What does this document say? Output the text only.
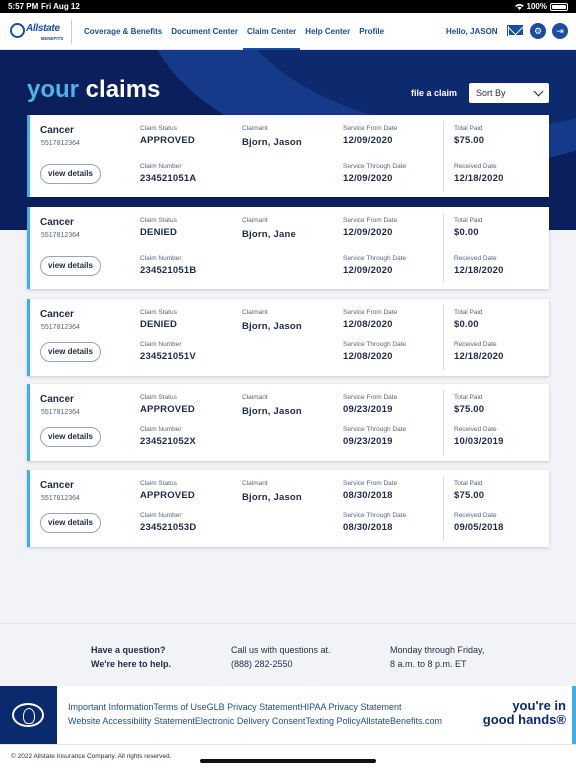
5:57 PM Fri Aug 12	100%
Allstate
BENEFITS
Coverage & Benefits Document Center Claim Center Help Center Profile	Hello, JASON	⚙	⇥
your claims	file a claim	Sort By
Cancer
5517812364
view details
Claim Status
APPROVED
Claimant
Bjorn, Jason
Service From Date
12/09/2020
Total Paid
$75.00
Claim Number
234521051A
Service Through Date
12/09/2020
Received Date
12/18/2020
Cancer
5517812364
view details
Claim Status
DENIED
Claimant
Bjorn, Jane
Service From Date
12/09/2020
Total Paid
$0.00
Claim Number
234521051B
Service Through Date
12/09/2020
Received Date
12/18/2020
Cancer
5517812364
view details
Claim Status
DENIED
Claimant
Bjorn, Jason
Service From Date
12/08/2020
Total Paid
$0.00
Claim Number
234521051V
Service Through Date
12/08/2020
Received Date
12/18/2020
Cancer
5517812364
view details
Claim Status
APPROVED
Claimant
Bjorn, Jason
Service From Date
09/23/2019
Total Paid
$75.00
Claim Number
234521052X
Service Through Date
09/23/2019
Received Date
10/03/2019
Cancer
5517812364
view details
Claim Status
APPROVED
Claimant
Bjorn, Jason
Service From Date
08/30/2018
Total Paid
$75.00
Claim Number
234521053D
Service Through Date
08/30/2018
Received Date
09/05/2018
Have a question?
We're here to help.
Call us with questions at.
(888) 282-2550
Monday through Friday,
8 a.m. to 8 p.m. ET
Important InformationTerms of UseGLB Privacy StatementHIPAA Privacy Statement
Website Accessibility StatementElectronic Delivery ConsentTexting PolicyAllstateBenefits.com
you're in
good hands®
© 2022 Allstate Insurance Company. All rights reserved.
